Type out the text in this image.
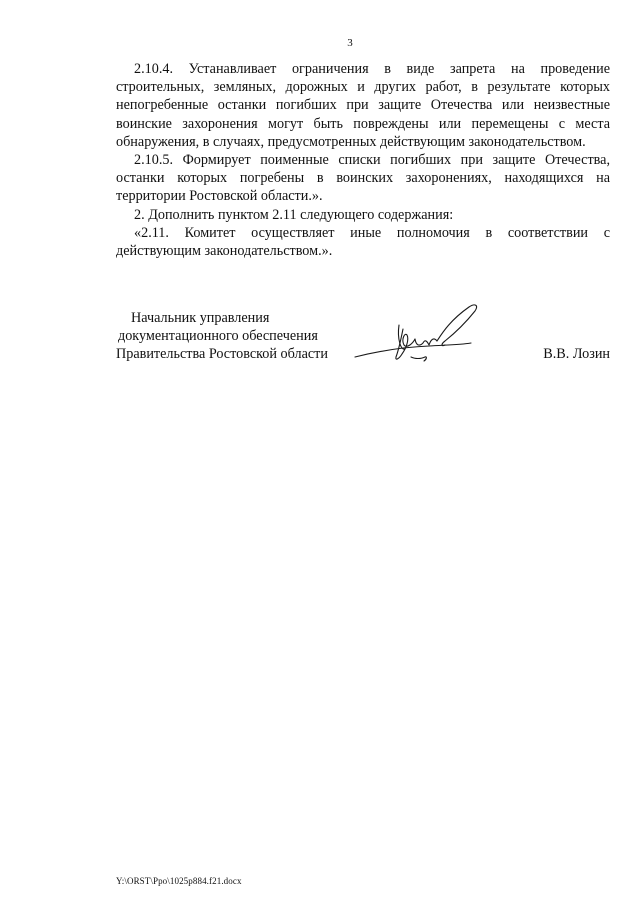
3

2.10.4. Устанавливает ограничения в виде запрета на проведение строительных, земляных, дорожных и других работ, в результате которых непогребенные останки погибших при защите Отечества или неизвестные воинские захоронения могут быть повреждены или перемещены с места обнаружения, в случаях, предусмотренных действующим законодательством.

2.10.5. Формирует поименные списки погибших при защите Отечества, останки которых погребены в воинских захоронениях, находящихся на территории Ростовской области.».

2. Дополнить пунктом 2.11 следующего содержания:

«2.11. Комитет осуществляет иные полномочия в соответствии с действующим законодательством.».

Начальник управления
документационного обеспечения
Правительства Ростовской области	В.В. Лозин
Y:\ORST\Ppo\1025p884.f21.docx
